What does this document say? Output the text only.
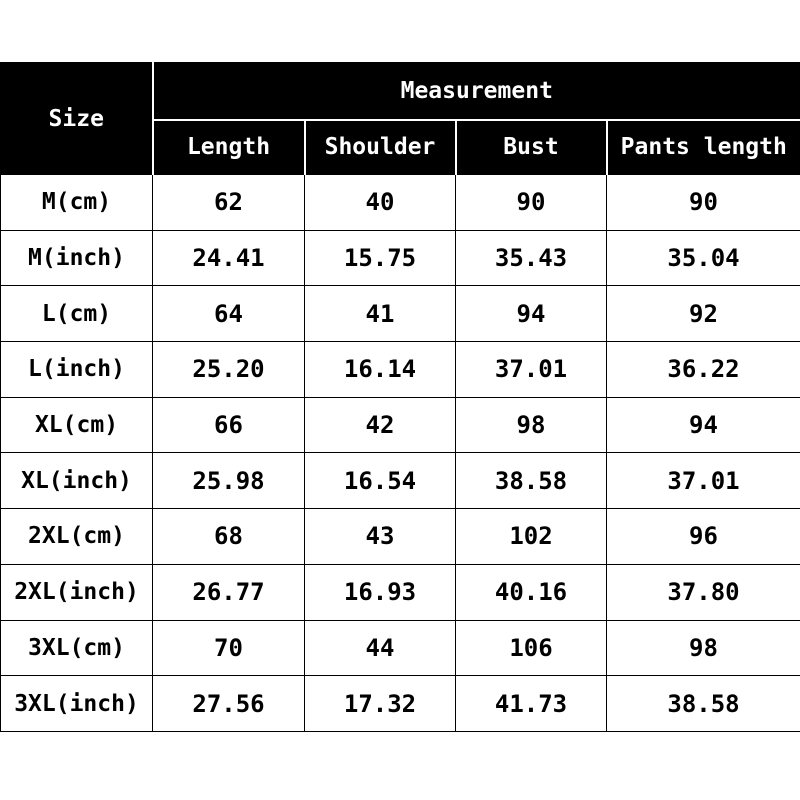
Size	Measurement			
	Length	Shoulder	Bust	Pants length
M(cm)	62	40	90	90
M(inch)	24.41	15.75	35.43	35.04
L(cm)	64	41	94	92
L(inch)	25.20	16.14	37.01	36.22
XL(cm)	66	42	98	94
XL(inch)	25.98	16.54	38.58	37.01
2XL(cm)	68	43	102	96
2XL(inch)	26.77	16.93	40.16	37.80
3XL(cm)	70	44	106	98
3XL(inch)	27.56	17.32	41.73	38.58
